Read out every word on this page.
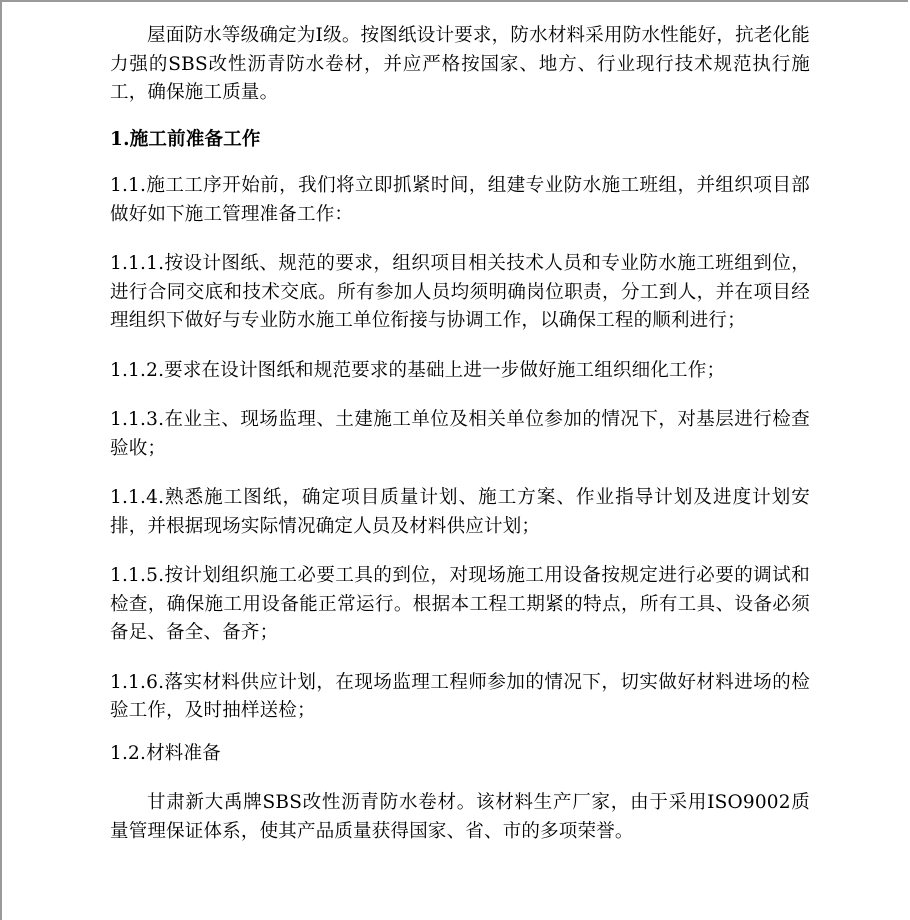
屋面防水等级确定为Ⅰ级。按图纸设计要求，防水材料采用防水性能好，抗老化能力强的SBS改性沥青防水卷材，并应严格按国家、地方、行业现行技术规范执行施工，确保施工质量。

1.施工前准备工作

1.1.施工工序开始前，我们将立即抓紧时间，组建专业防水施工班组，并组织项目部做好如下施工管理准备工作：

1.1.1.按设计图纸、规范的要求，组织项目相关技术人员和专业防水施工班组到位，进行合同交底和技术交底。所有参加人员均须明确岗位职责，分工到人，并在项目经理组织下做好与专业防水施工单位衔接与协调工作，以确保工程的顺利进行；

1.1.2.要求在设计图纸和规范要求的基础上进一步做好施工组织细化工作；

1.1.3.在业主、现场监理、土建施工单位及相关单位参加的情况下，对基层进行检查验收；

1.1.4.熟悉施工图纸，确定项目质量计划、施工方案、作业指导计划及进度计划安排，并根据现场实际情况确定人员及材料供应计划；

1.1.5.按计划组织施工必要工具的到位，对现场施工用设备按规定进行必要的调试和检查，确保施工用设备能正常运行。根据本工程工期紧的特点，所有工具、设备必须备足、备全、备齐；

1.1.6.落实材料供应计划，在现场监理工程师参加的情况下，切实做好材料进场的检验工作，及时抽样送检；

1.2.材料准备

甘肃新大禹牌SBS改性沥青防水卷材。该材料生产厂家，由于采用ISO9002质量管理保证体系，使其产品质量获得国家、省、市的多项荣誉。
